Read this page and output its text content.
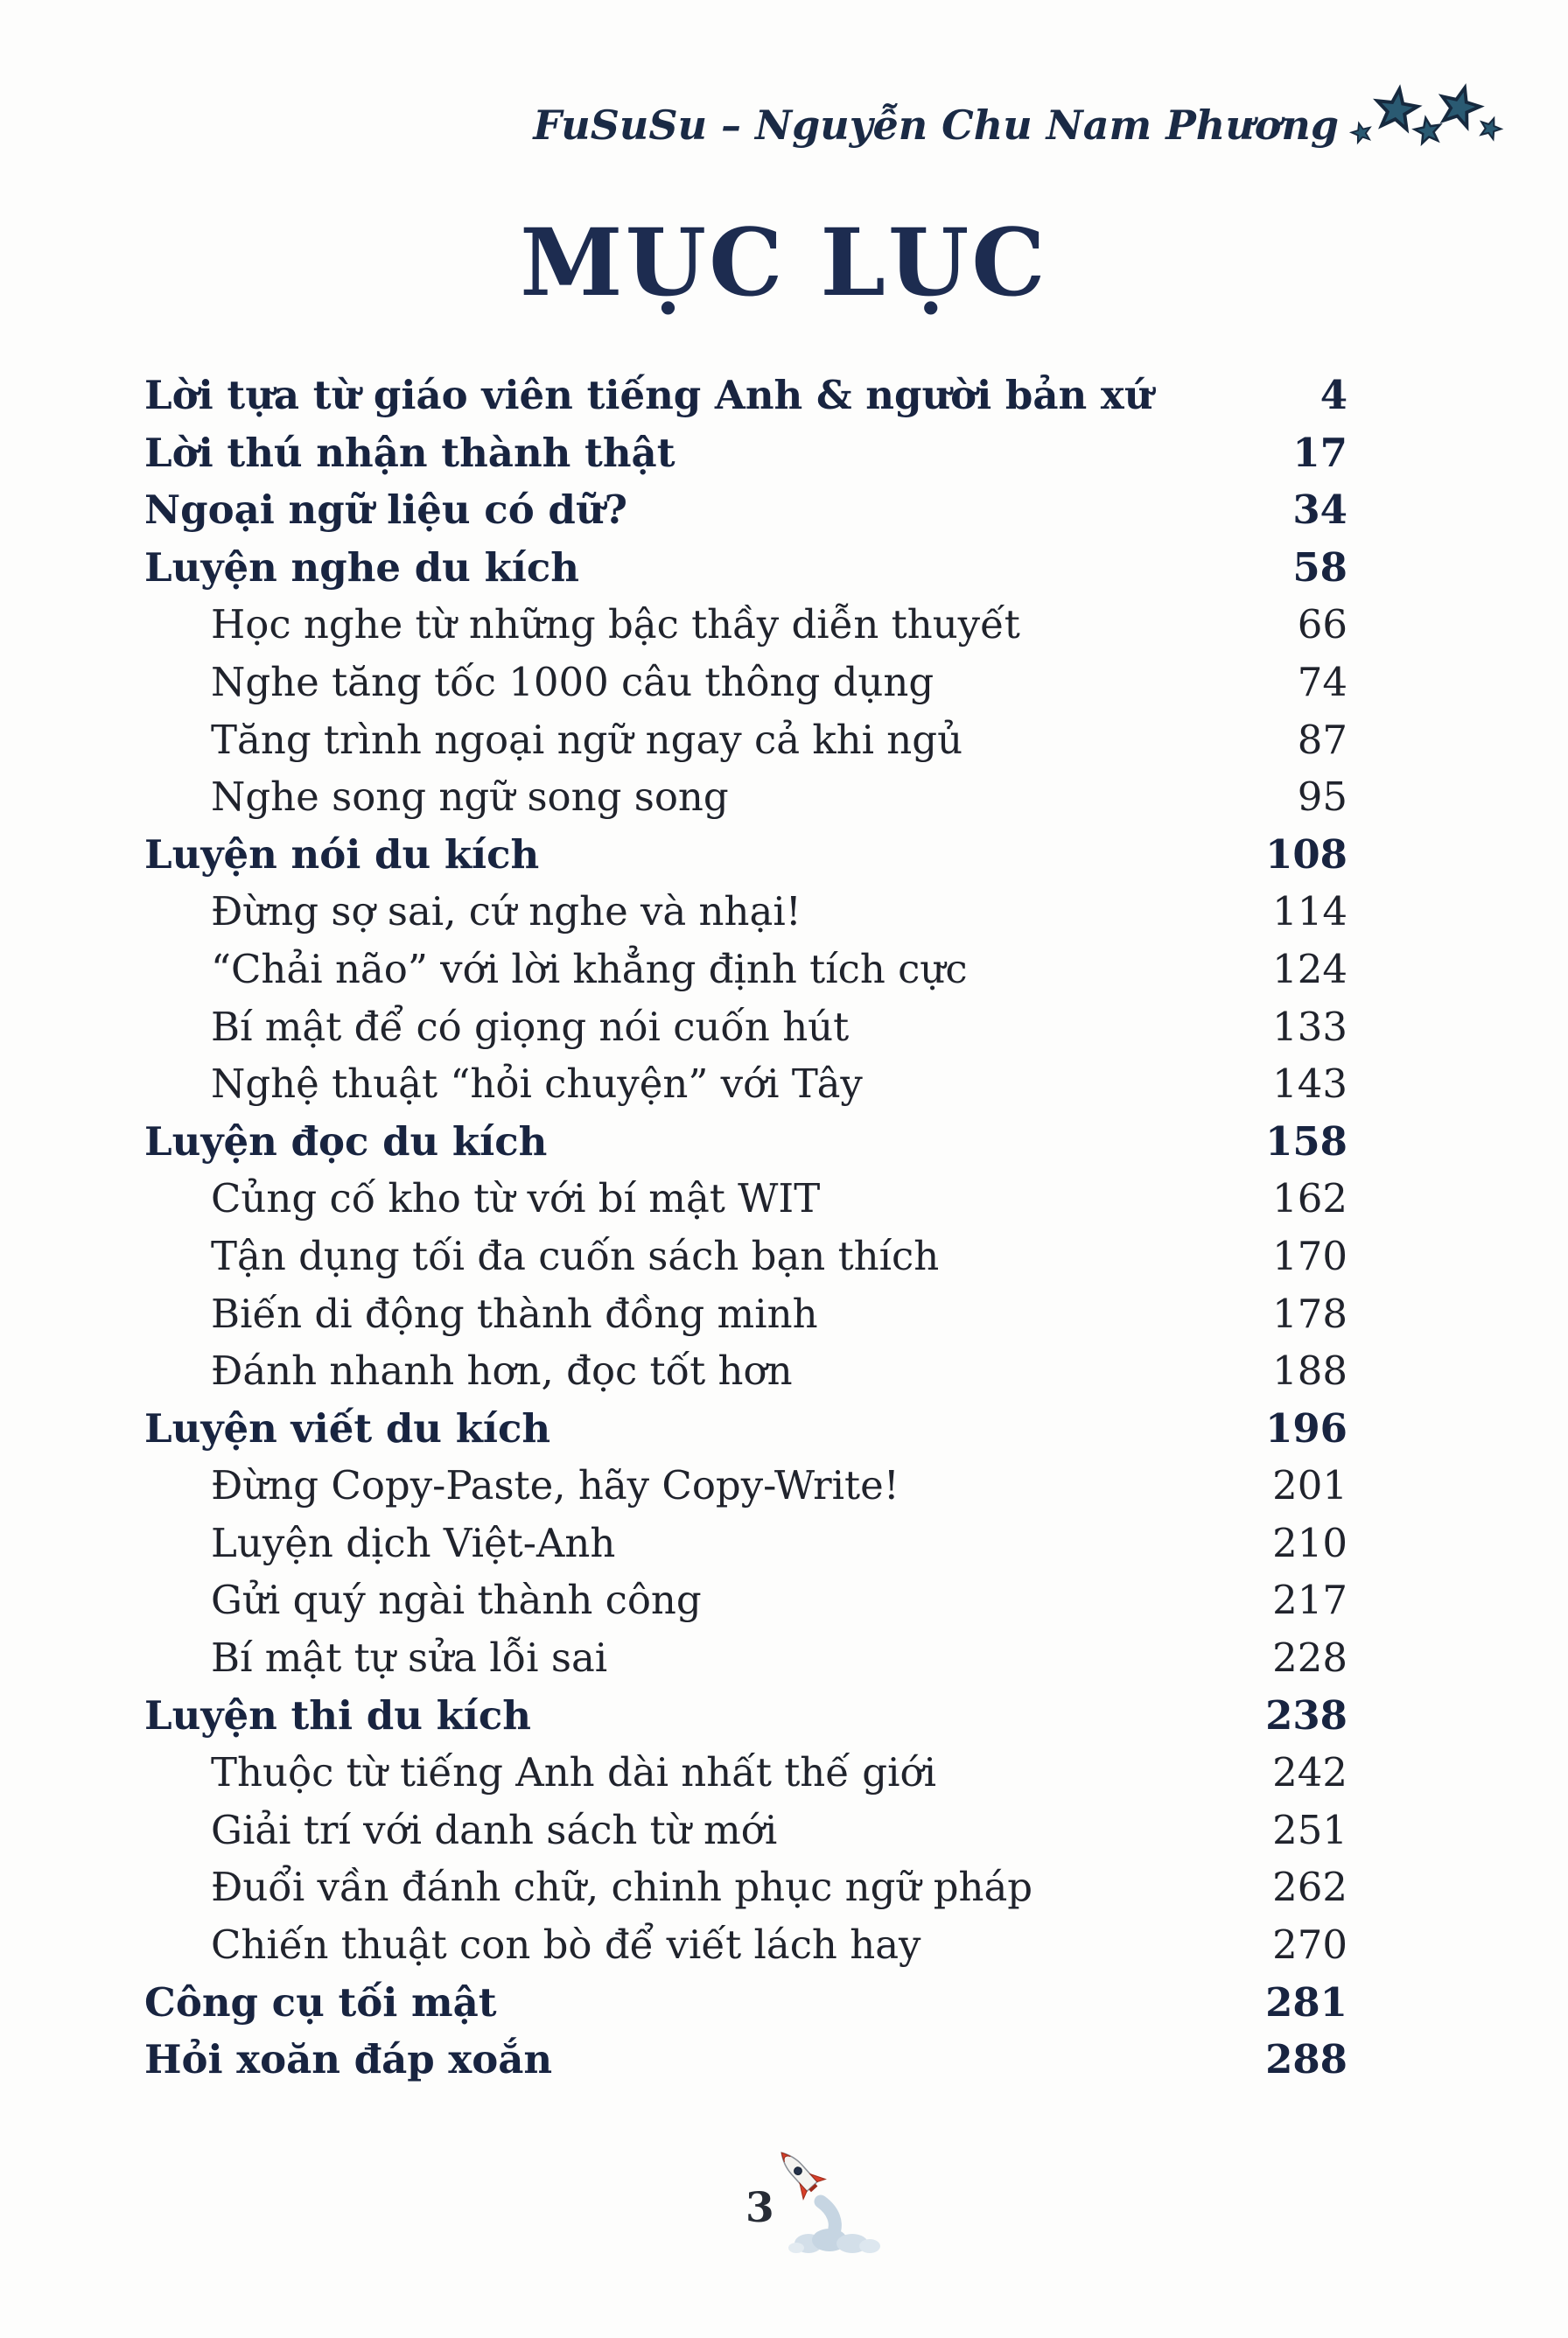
FuSuSu – Nguyễn Chu Nam Phương
MỤC LỤC
Lời tựa từ giáo viên tiếng Anh & người bản xứ	4
Lời thú nhận thành thật	17
Ngoại ngữ liệu có dữ?	34
Luyện nghe du kích	58
Học nghe từ những bậc thầy diễn thuyết	66
Nghe tăng tốc 1000 câu thông dụng	74
Tăng trình ngoại ngữ ngay cả khi ngủ	87
Nghe song ngữ song song	95
Luyện nói du kích	108
Đừng sợ sai, cứ nghe và nhại!	114
“Chải não” với lời khẳng định tích cực	124
Bí mật để có giọng nói cuốn hút	133
Nghệ thuật “hỏi chuyện” với Tây	143
Luyện đọc du kích	158
Củng cố kho từ với bí mật WIT	162
Tận dụng tối đa cuốn sách bạn thích	170
Biến di động thành đồng minh	178
Đánh nhanh hơn, đọc tốt hơn	188
Luyện viết du kích	196
Đừng Copy-Paste, hãy Copy-Write!	201
Luyện dịch Việt-Anh	210
Gửi quý ngài thành công	217
Bí mật tự sửa lỗi sai	228
Luyện thi du kích	238
Thuộc từ tiếng Anh dài nhất thế giới	242
Giải trí với danh sách từ mới	251
Đuổi vần đánh chữ, chinh phục ngữ pháp	262
Chiến thuật con bò để viết lách hay	270
Công cụ tối mật	281
Hỏi xoăn đáp xoắn	288
3
